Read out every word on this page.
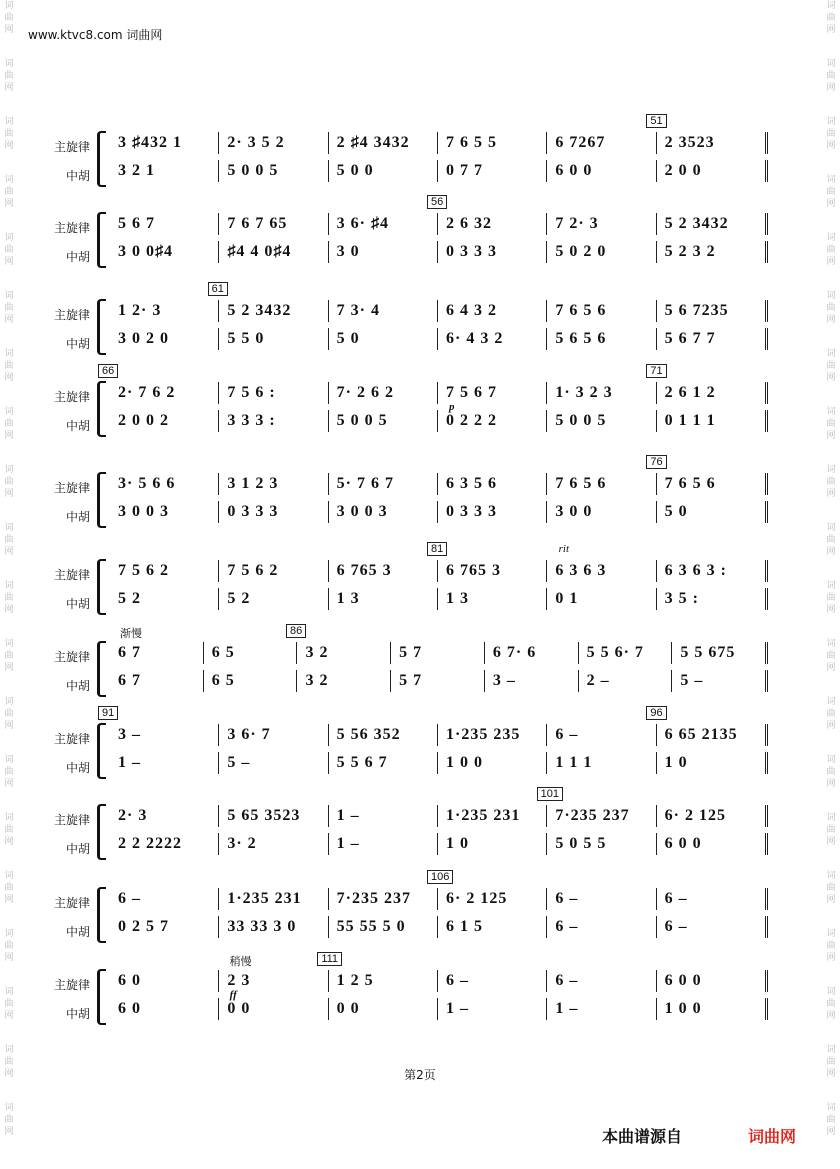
词曲网
词曲网
词曲网
词曲网
词曲网
词曲网
词曲网
词曲网
词曲网
词曲网
词曲网
词曲网
词曲网
词曲网
词曲网
词曲网
词曲网
词曲网
词曲网
词曲网
词曲网
词曲网
词曲网
词曲网
词曲网
词曲网
词曲网
词曲网
词曲网
词曲网
词曲网
词曲网
词曲网
词曲网
词曲网
词曲网
词曲网
词曲网
词曲网
词曲网
www.ktvc8.com 词曲网
主旋律
中胡
3 ♯432 1	2· 3 5 2	2 ♯4 3432	7 6 5 5	6 7267	2 3523
3 2 1	5 0 0 5	5 0 0	0 7 7	6 0 0	2 0 0
51
主旋律
中胡
5 6 7	7 6 7 65	3 6· ♯4	2 6 32	7 2· 3	5 2 3432
3 0 0♯4	♯4 4 0♯4	3 0	0 3 3 3	5 0 2 0	5 2 3 2
56
主旋律
中胡
1 2· 3	5 2 3432	7 3· 4	6 4 3 2	7 6 5 6	5 6 7235
3 0 2 0	5 5 0	5 0	6· 4 3 2	5 6 5 6	5 6 7 7
61
主旋律
中胡
2· 7 6 2	7 5 6 :	7· 2 6 2	7 5 6 7	1· 3 2 3	2 6 1 2
2 0 0 2	3 3 3 :	5 0 0 5	0 2 2 2	5 0 0 5	0 1 1 1
66	71
p
主旋律
中胡
3· 5 6 6	3 1 2 3	5· 7 6 7	6 3 5 6	7 6 5 6	7 6 5 6
3 0 0 3	0 3 3 3	3 0 0 3	0 3 3 3	3 0 0	5 0
76
主旋律
中胡
7 5 6 2	7 5 6 2	6 765 3	6 765 3	6 3 6 3	6 3 6 3 :
5 2	5 2	1 3	1 3	0 1	3 5 :
81	rit
主旋律
中胡
6 7	6 5	3 2	5 7	6 7· 6	5 5 6· 7	5 5 675
6 7	6 5	3 2	5 7	3 –	2 –	5 –
86
渐慢
主旋律
中胡
3 –	3 6· 7	5 56 352	1·235 235	6 –	6 65 2135
1 –	5 –	5 5 6 7	1 0 0	1 1 1	1 0
91	96
主旋律
中胡
2· 3	5 65 3523	1 –	1·235 231	7·235 237	6· 2 125
2 2 2222	3· 2	1 –	1 0	5 0 5 5	6 0 0
101
主旋律
中胡
6 –	1·235 231	7·235 237	6· 2 125	6 –	6 –
0 2 5 7	33 33 3 0	55 55 5 0	6 1 5	6 –	6 –
106
主旋律
中胡
6 0	2 3	1 2 5	6 –	6 –	6 0 0
6 0	0 0	0 0	1 –	1 –	1 0 0
111
稍慢
ff
第2页
本曲谱源自	词曲网
